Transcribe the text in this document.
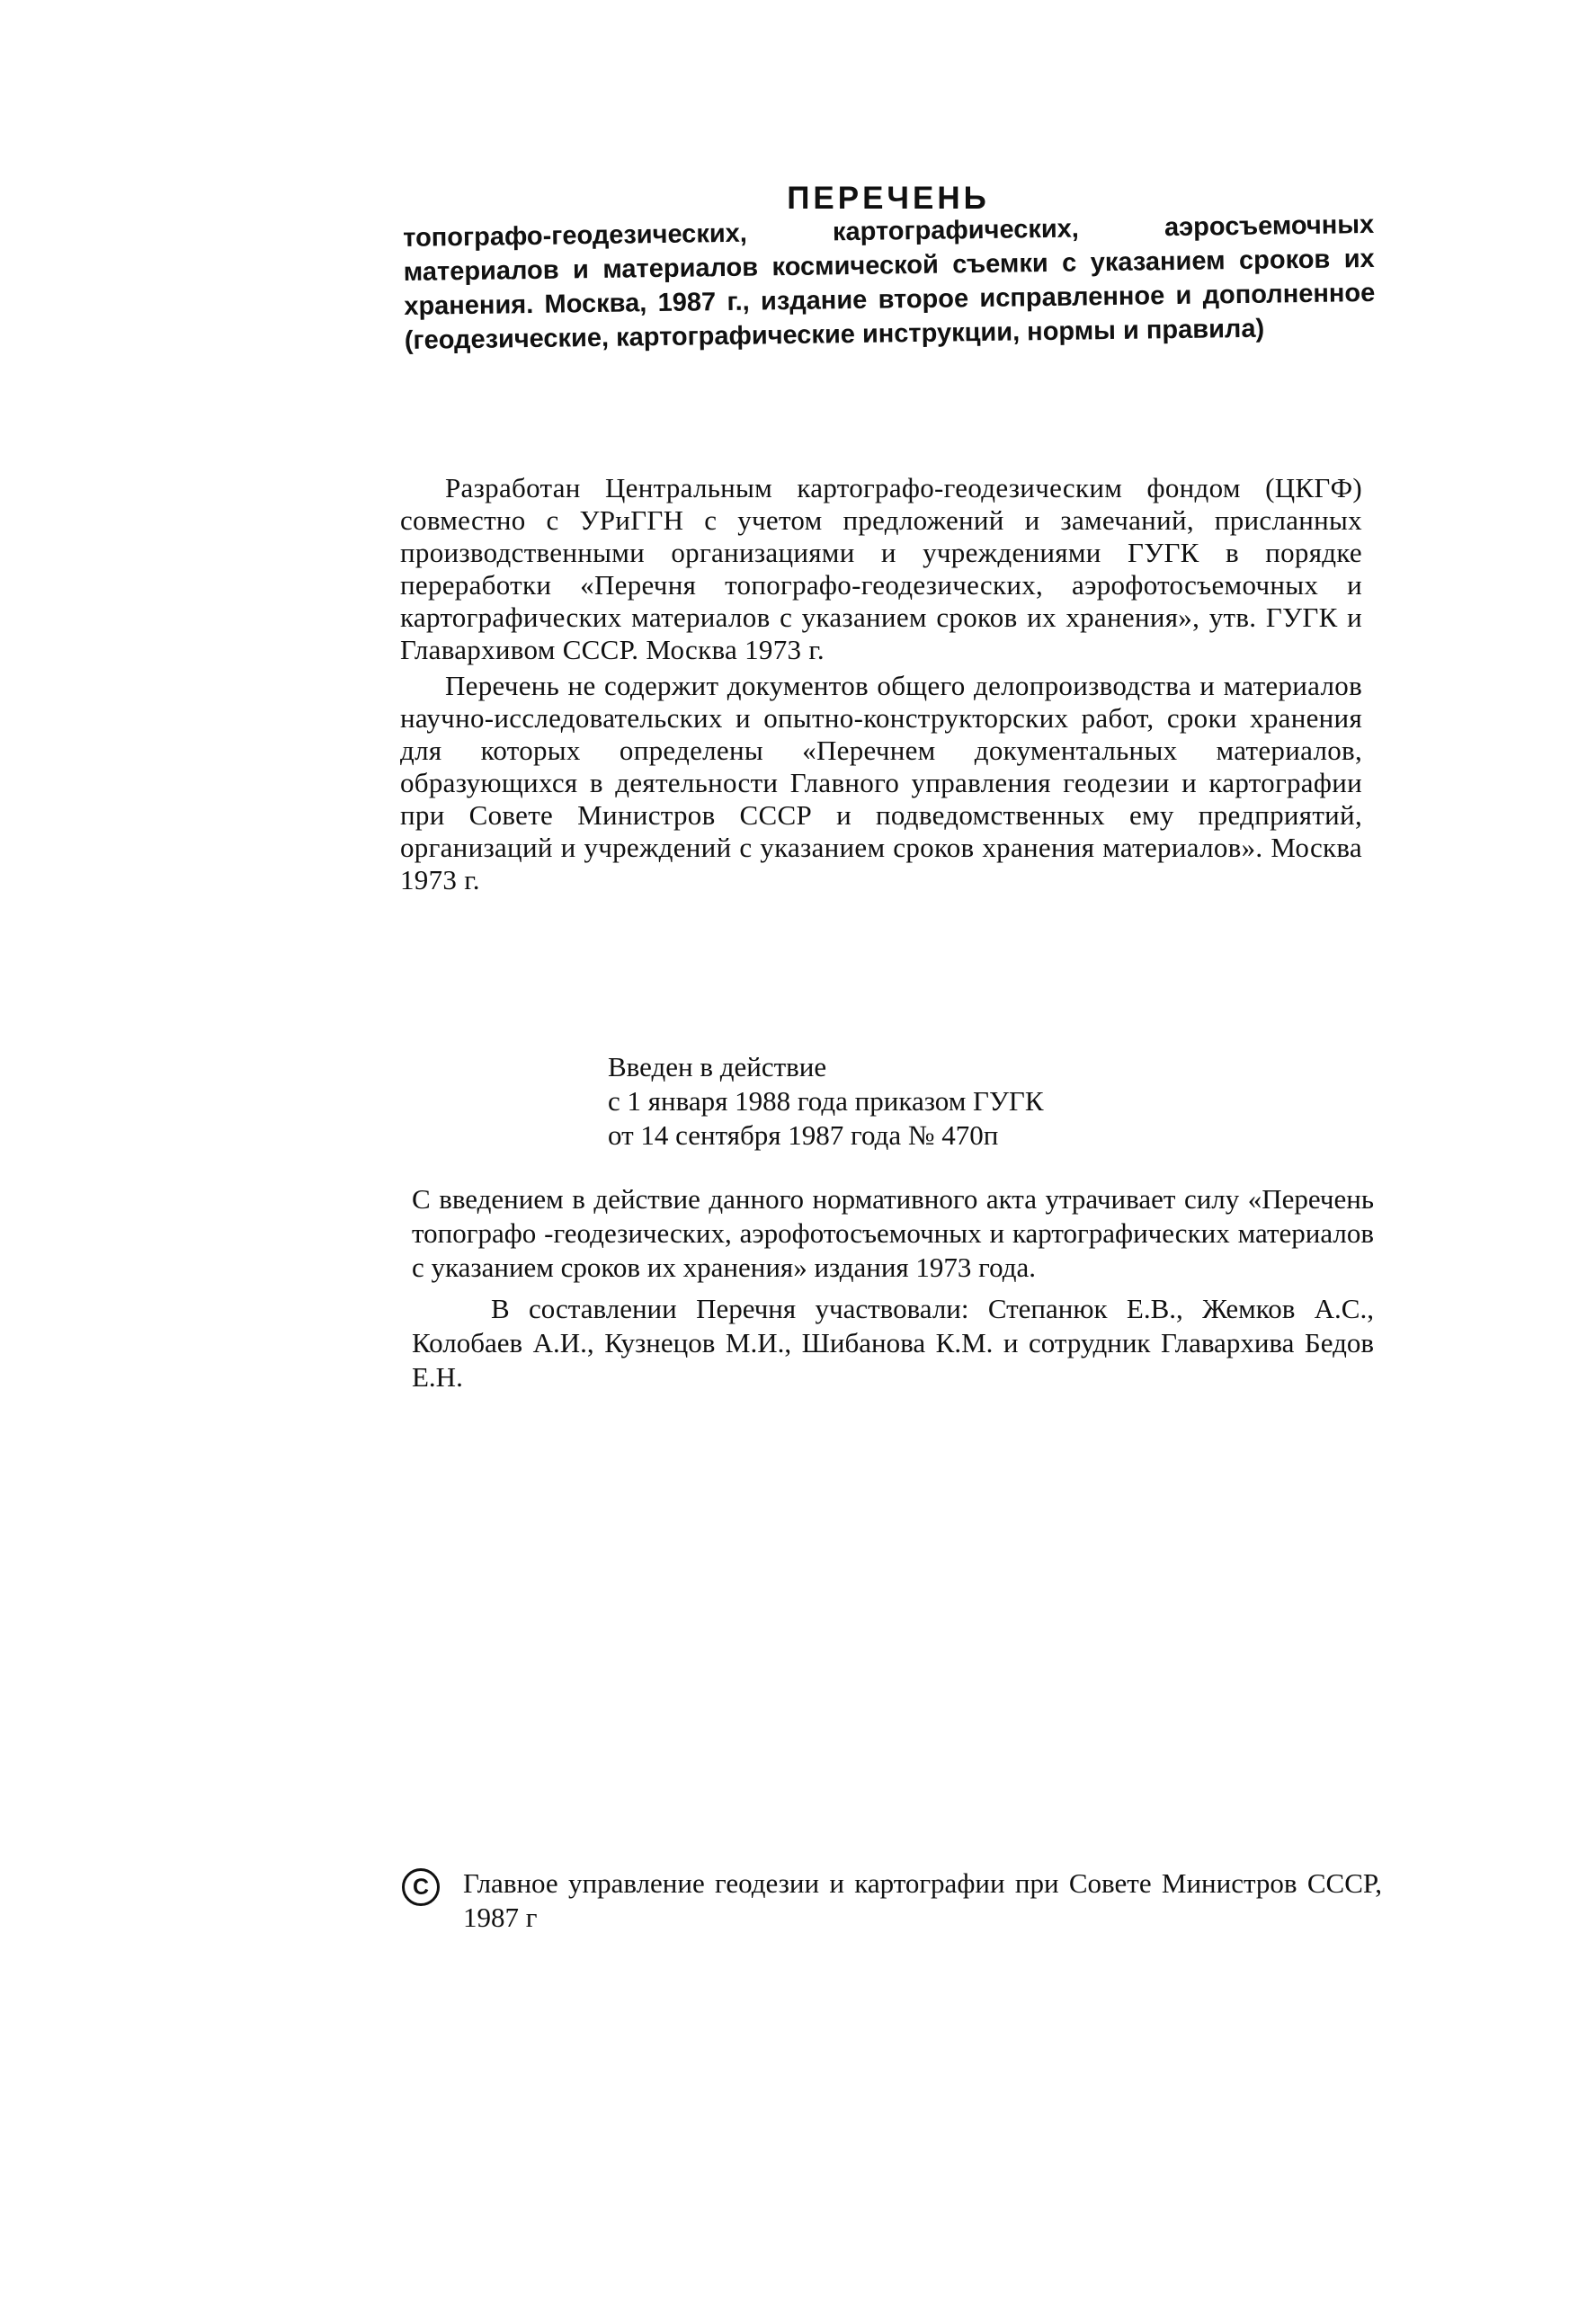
ПЕРЕЧЕНЬ
топографо-геодезических, картографических, аэросъемочных материалов и материалов космической съемки с указанием сроков их хранения. Москва, 1987 г., издание второе исправленное и дополненное (геодезические, картографические инструкции, нормы и правила)

Разработан Центральным картографо-геодезическим фондом (ЦКГФ) совместно с УРиГГН с учетом предложений и замечаний, присланных производственными организациями и учреждениями ГУГК в порядке переработки «Перечня топографо-геодезических, аэрофотосъемочных и картографических материалов с указанием сроков их хранения», утв. ГУГК и Главархивом СССР. Москва 1973 г.

Перечень не содержит документов общего делопроизводства и материалов научно-исследовательских и опытно-конструкторских работ, сроки хранения для которых определены «Перечнем документальных материалов, образующихся в деятельности Главного управления геодезии и картографии при Совете Министров СССР и подведомственных ему предприятий, организаций и учреждений с указанием сроков хранения материалов». Москва 1973 г.

Введен в действие
с 1 января 1988 года приказом ГУГК
от 14 сентября 1987 года № 470п

С введением в действие данного нормативного акта утрачивает силу «Перечень топографо -геодезических, аэрофотосъемочных и картографических материалов с указанием сроков их хранения» издания 1973 года.

В составлении Перечня участвовали: Степанюк Е.В., Жемков А.С., Колобаев А.И., Кузнецов М.И., Шибанова К.М. и сотрудник Главархива Бедов Е.Н.

C	Главное управление геодезии и картографии при Совете Министров СССР, 1987 г
